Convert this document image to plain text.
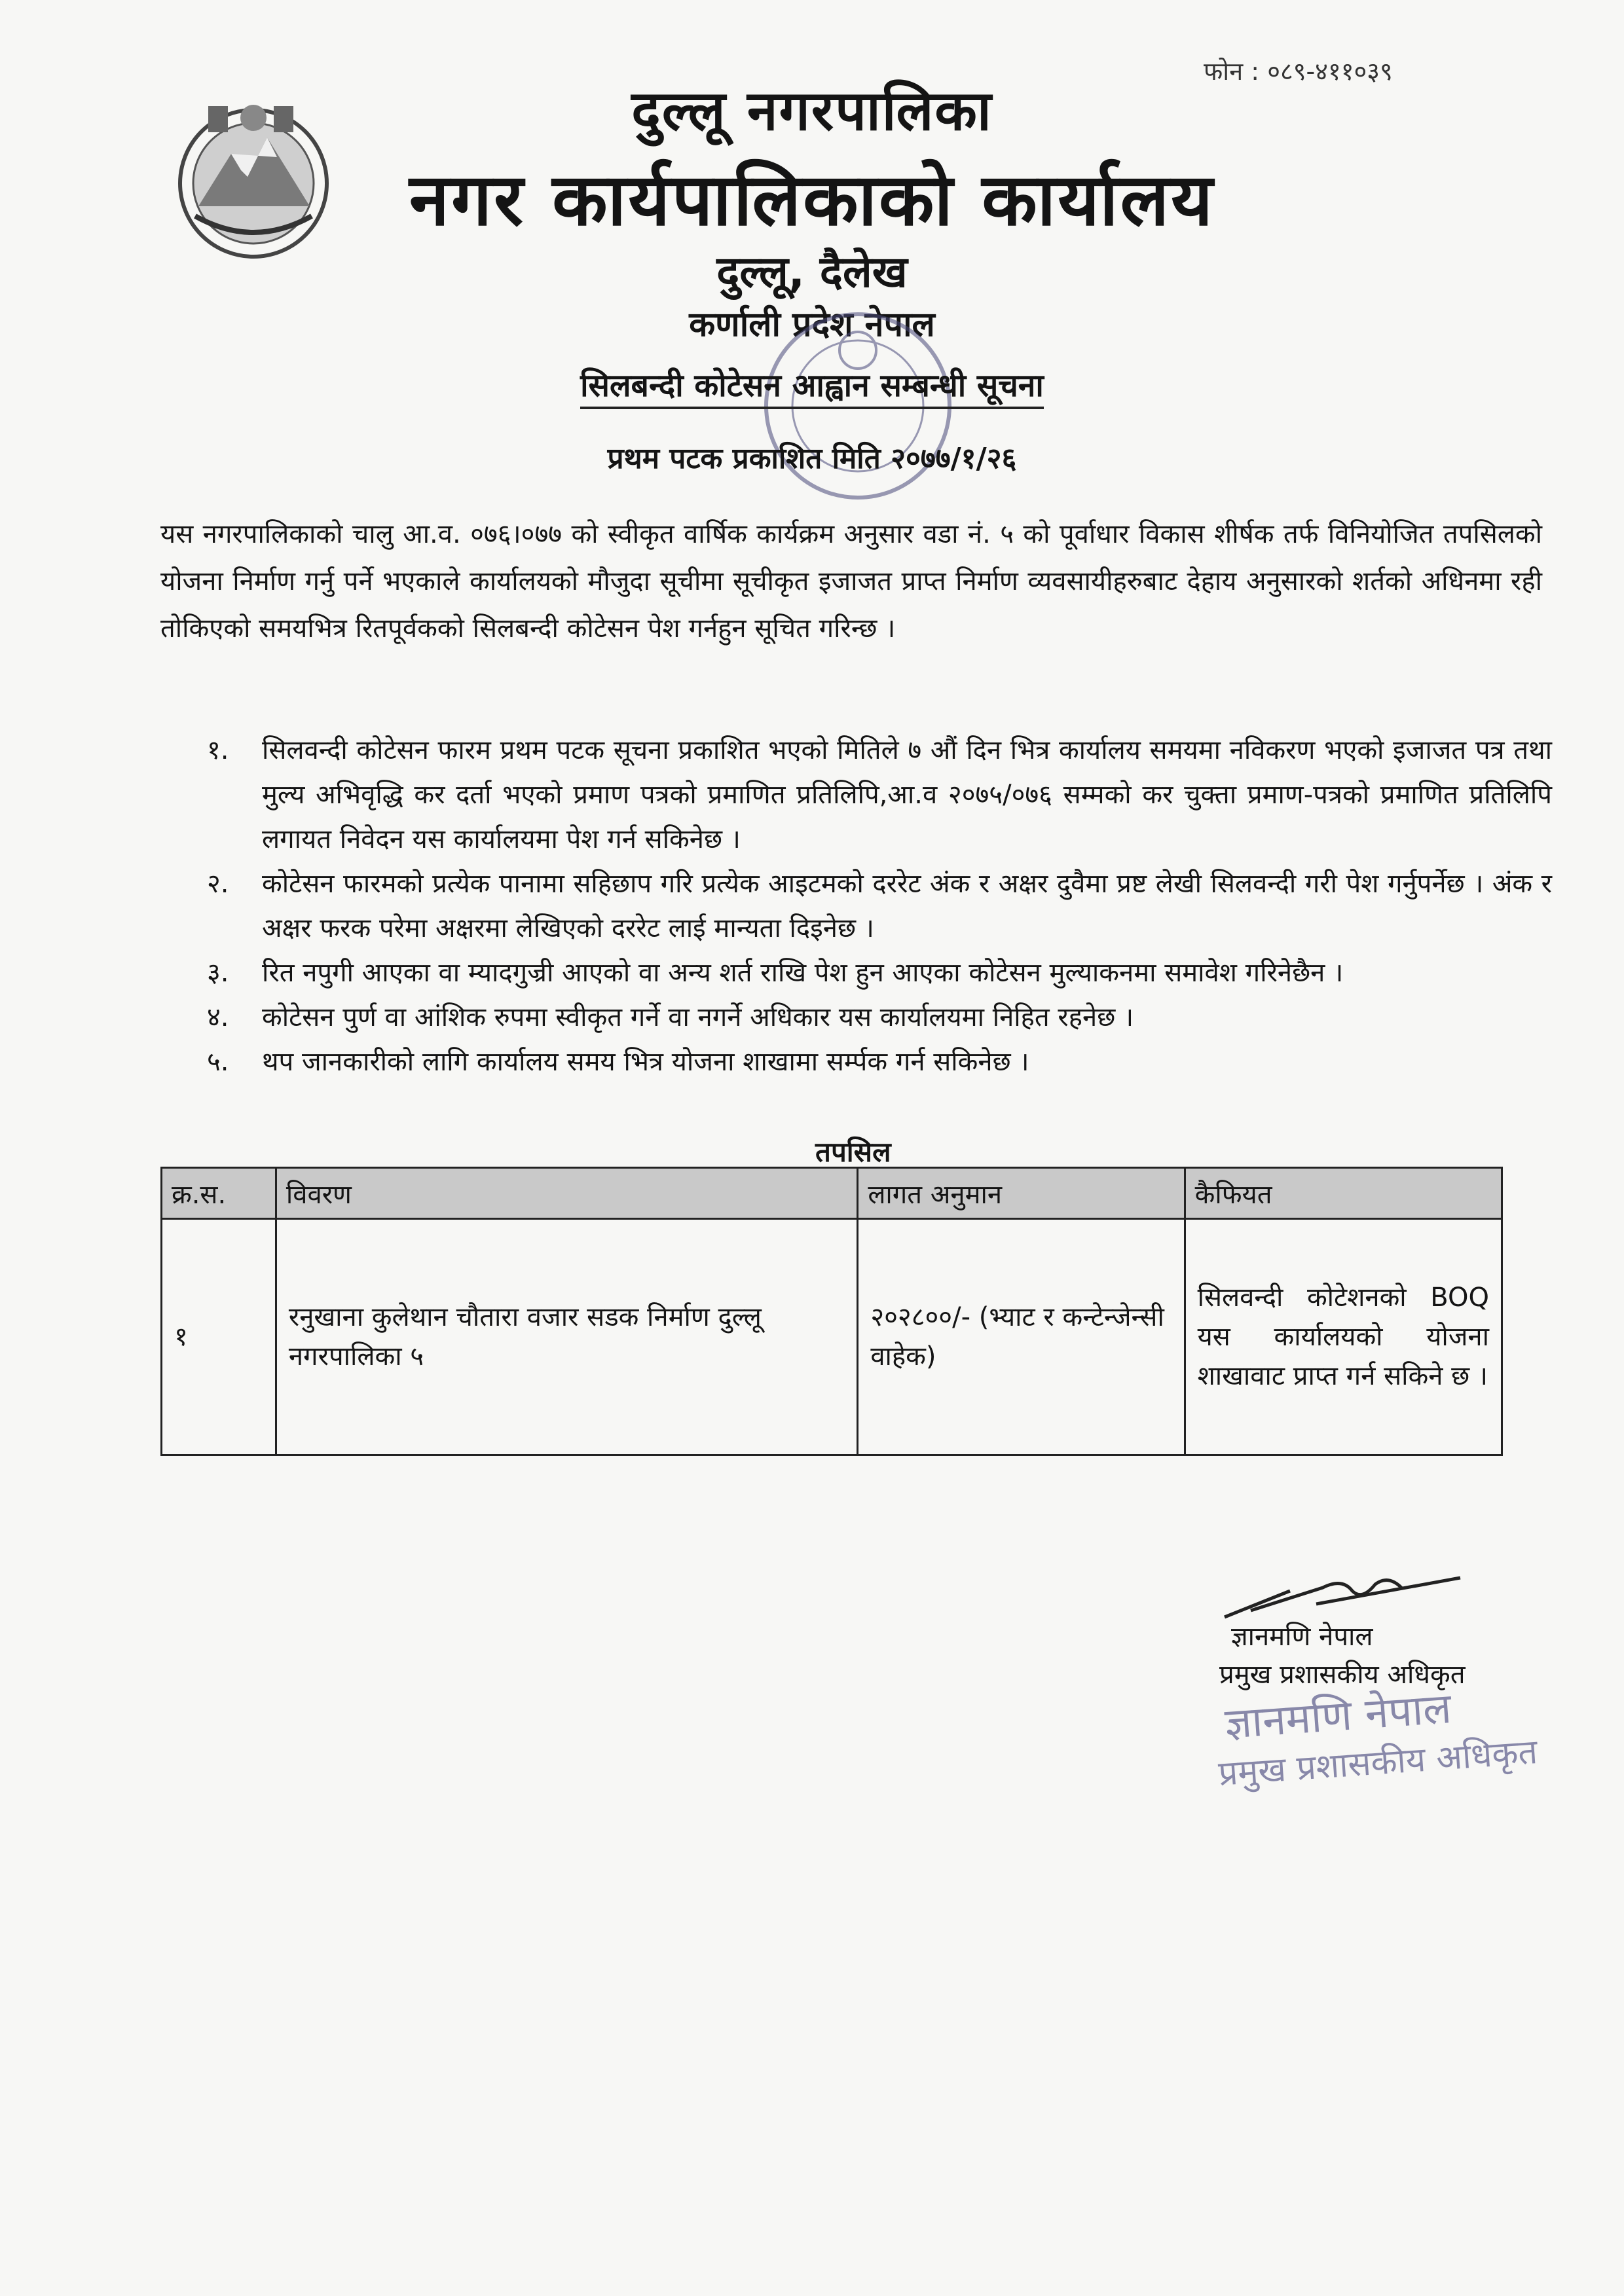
फोन : ०८९-४११०३९
दुल्लू नगरपालिका
नगर कार्यपालिकाको कार्यालय
दुल्लू, दैलेख
कर्णाली प्रदेश नेपाल
सिलबन्दी कोटेसन आह्वान सम्बन्धी सूचना
प्रथम पटक प्रकाशित मिति २०७७/१/२६
यस नगरपालिकाको चालु आ.व. ०७६।०७७ को स्वीकृत वार्षिक कार्यक्रम अनुसार वडा नं. ५ को पूर्वाधार विकास शीर्षक तर्फ विनियोजित तपसिलको योजना निर्माण गर्नु पर्ने भएकाले कार्यालयको मौजुदा सूचीमा सूचीकृत इजाजत प्राप्त निर्माण व्यवसायीहरुबाट देहाय अनुसारको शर्तको अधिनमा रही तोकिएको समयभित्र रितपूर्वकको सिलबन्दी कोटेसन पेश गर्नहुन सूचित गरिन्छ ।
१.	सिलवन्दी कोटेसन फारम प्रथम पटक सूचना प्रकाशित भएको मितिले ७ औं दिन भित्र कार्यालय समयमा नविकरण भएको इजाजत पत्र तथा मुल्य अभिवृद्धि कर दर्ता भएको प्रमाण पत्रको प्रमाणित प्रतिलिपि,आ.व २०७५/०७६ सम्मको कर चुक्ता प्रमाण-पत्रको प्रमाणित प्रतिलिपि लगायत निवेदन यस कार्यालयमा पेश गर्न सकिनेछ ।
२.	कोटेसन फारमको प्रत्येक पानामा सहिछाप गरि प्रत्येक आइटमको दररेट अंक र अक्षर दुवैमा प्रष्ट लेखी सिलवन्दी गरी पेश गर्नुपर्नेछ । अंक र अक्षर फरक परेमा अक्षरमा लेखिएको दररेट लाई मान्यता दिइनेछ ।
३.	रित नपुगी आएका वा म्यादगुज्री आएको वा अन्य शर्त राखि पेश हुन आएका कोटेसन मुल्याकनमा समावेश गरिनेछैन ।
४.	कोटेसन पुर्ण वा आंशिक रुपमा स्वीकृत गर्ने वा नगर्ने अधिकार यस कार्यालयमा निहित रहनेछ ।
५.	थप जानकारीको लागि कार्यालय समय भित्र योजना शाखामा सर्म्पक गर्न सकिनेछ ।
तपसिल
क्र.स.	विवरण	लागत अनुमान	कैफियत
१	रनुखाना कुलेथान चौतारा वजार सडक निर्माण दुल्लू नगरपालिका ५	२०२८००/- (भ्याट र कन्टेन्जेन्सी वाहेक)	सिलवन्दी कोटेशनको BOQ यस कार्यालयको योजना शाखावाट प्राप्त गर्न सकिने छ ।
ज्ञानमणि नेपाल
प्रमुख प्रशासकीय अधिकृत
ज्ञानमणि नेपाल
प्रमुख प्रशासकीय अधिकृत
